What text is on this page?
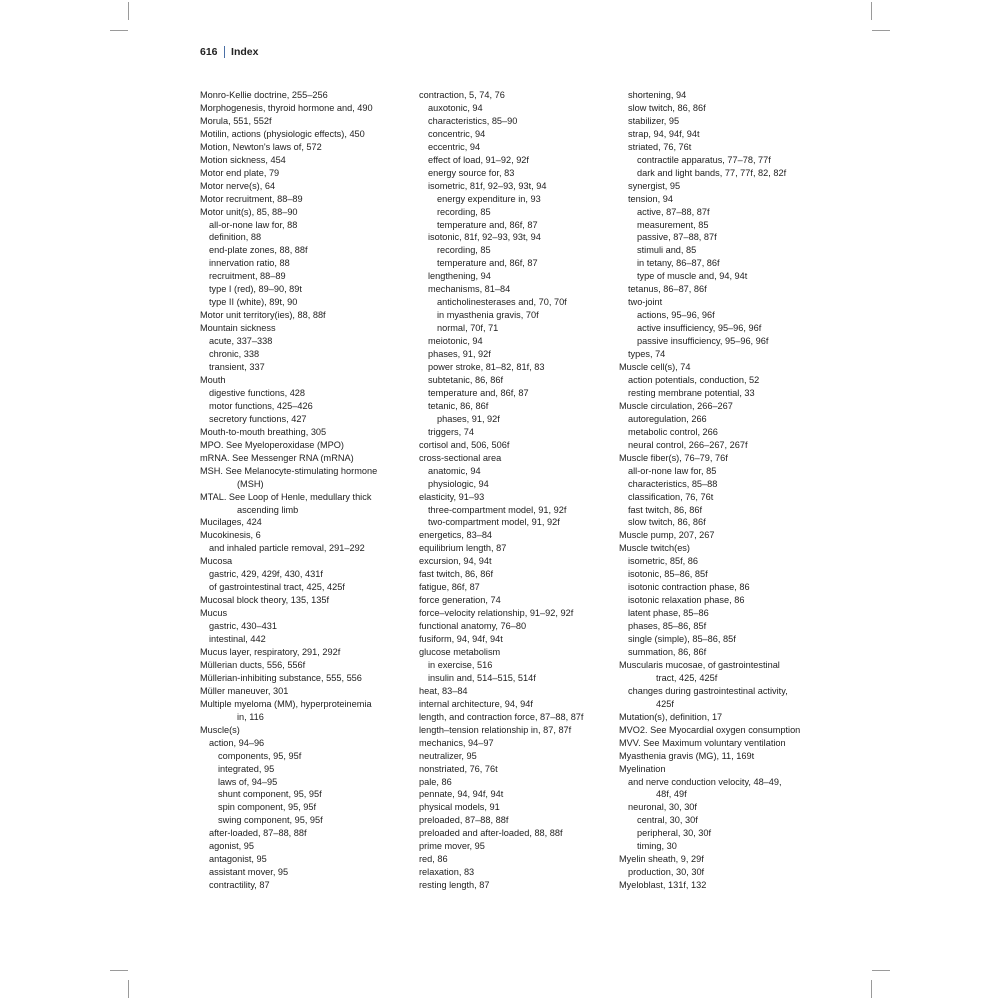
616 Index
Monro-Kellie doctrine, 255–256
Morphogenesis, thyroid hormone and, 490
Morula, 551, 552f
Motilin, actions (physiologic effects), 450
Motion, Newton's laws of, 572
Motion sickness, 454
Motor end plate, 79
Motor nerve(s), 64
Motor recruitment, 88–89
Motor unit(s), 85, 88–90
all-or-none law for, 88
definition, 88
end-plate zones, 88, 88f
innervation ratio, 88
recruitment, 88–89
type I (red), 89–90, 89t
type II (white), 89t, 90
Motor unit territory(ies), 88, 88f
Mountain sickness
acute, 337–338
chronic, 338
transient, 337
Mouth
digestive functions, 428
motor functions, 425–426
secretory functions, 427
Mouth-to-mouth breathing, 305
MPO. See Myeloperoxidase (MPO)
mRNA. See Messenger RNA (mRNA)
MSH. See Melanocyte-stimulating hormone
(MSH)
MTAL. See Loop of Henle, medullary thick
ascending limb
Mucilages, 424
Mucokinesis, 6
and inhaled particle removal, 291–292
Mucosa
gastric, 429, 429f, 430, 431f
of gastrointestinal tract, 425, 425f
Mucosal block theory, 135, 135f
Mucus
gastric, 430–431
intestinal, 442
Mucus layer, respiratory, 291, 292f
Müllerian ducts, 556, 556f
Müllerian-inhibiting substance, 555, 556
Müller maneuver, 301
Multiple myeloma (MM), hyperproteinemia
in, 116
Muscle(s)
action, 94–96
components, 95, 95f
integrated, 95
laws of, 94–95
shunt component, 95, 95f
spin component, 95, 95f
swing component, 95, 95f
after-loaded, 87–88, 88f
agonist, 95
antagonist, 95
assistant mover, 95
contractility, 87
contraction, 5, 74, 76
auxotonic, 94
characteristics, 85–90
concentric, 94
eccentric, 94
effect of load, 91–92, 92f
energy source for, 83
isometric, 81f, 92–93, 93t, 94
energy expenditure in, 93
recording, 85
temperature and, 86f, 87
isotonic, 81f, 92–93, 93t, 94
recording, 85
temperature and, 86f, 87
lengthening, 94
mechanisms, 81–84
anticholinesterases and, 70, 70f
in myasthenia gravis, 70f
normal, 70f, 71
meiotonic, 94
phases, 91, 92f
power stroke, 81–82, 81f, 83
subtetanic, 86, 86f
temperature and, 86f, 87
tetanic, 86, 86f
phases, 91, 92f
triggers, 74
cortisol and, 506, 506f
cross-sectional area
anatomic, 94
physiologic, 94
elasticity, 91–93
three-compartment model, 91, 92f
two-compartment model, 91, 92f
energetics, 83–84
equilibrium length, 87
excursion, 94, 94t
fast twitch, 86, 86f
fatigue, 86f, 87
force generation, 74
force–velocity relationship, 91–92, 92f
functional anatomy, 76–80
fusiform, 94, 94f, 94t
glucose metabolism
in exercise, 516
insulin and, 514–515, 514f
heat, 83–84
internal architecture, 94, 94f
length, and contraction force, 87–88, 87f
length–tension relationship in, 87, 87f
mechanics, 94–97
neutralizer, 95
nonstriated, 76, 76t
pale, 86
pennate, 94, 94f, 94t
physical models, 91
preloaded, 87–88, 88f
preloaded and after-loaded, 88, 88f
prime mover, 95
red, 86
relaxation, 83
resting length, 87
shortening, 94
slow twitch, 86, 86f
stabilizer, 95
strap, 94, 94f, 94t
striated, 76, 76t
contractile apparatus, 77–78, 77f
dark and light bands, 77, 77f, 82, 82f
synergist, 95
tension, 94
active, 87–88, 87f
measurement, 85
passive, 87–88, 87f
stimuli and, 85
in tetany, 86–87, 86f
type of muscle and, 94, 94t
tetanus, 86–87, 86f
two-joint
actions, 95–96, 96f
active insufficiency, 95–96, 96f
passive insufficiency, 95–96, 96f
types, 74
Muscle cell(s), 74
action potentials, conduction, 52
resting membrane potential, 33
Muscle circulation, 266–267
autoregulation, 266
metabolic control, 266
neural control, 266–267, 267f
Muscle fiber(s), 76–79, 76f
all-or-none law for, 85
characteristics, 85–88
classification, 76, 76t
fast twitch, 86, 86f
slow twitch, 86, 86f
Muscle pump, 207, 267
Muscle twitch(es)
isometric, 85f, 86
isotonic, 85–86, 85f
isotonic contraction phase, 86
isotonic relaxation phase, 86
latent phase, 85–86
phases, 85–86, 85f
single (simple), 85–86, 85f
summation, 86, 86f
Muscularis mucosae, of gastrointestinal
tract, 425, 425f
changes during gastrointestinal activity,
425f
Mutation(s), definition, 17
MVO2. See Myocardial oxygen consumption
MVV. See Maximum voluntary ventilation
Myasthenia gravis (MG), 11, 169t
Myelination
and nerve conduction velocity, 48–49,
48f, 49f
neuronal, 30, 30f
central, 30, 30f
peripheral, 30, 30f
timing, 30
Myelin sheath, 9, 29f
production, 30, 30f
Myeloblast, 131f, 132
